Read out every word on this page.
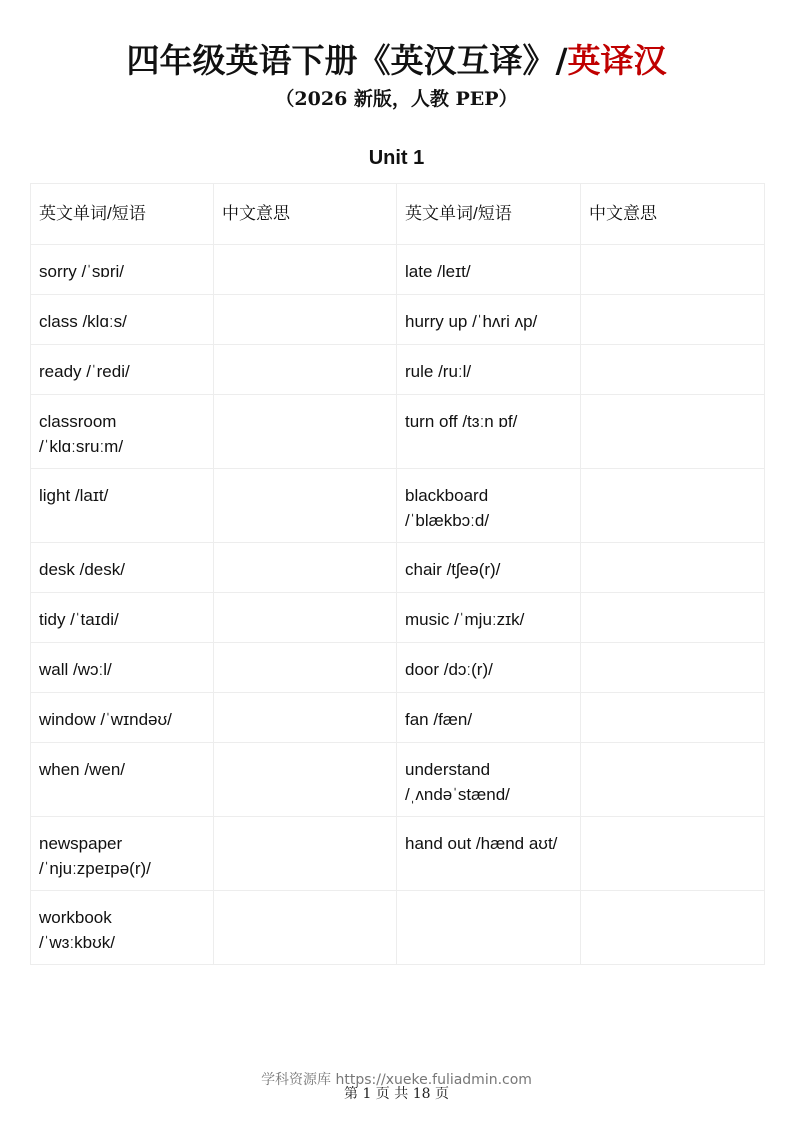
四年级英语下册《英汉互译》/英译汉
（2026 新版，人教 PEP）
Unit 1
英文单词/短语	中文意思	英文单词/短语	中文意思
sorry /ˈsɒri/		late /leɪt/	
class /klɑːs/		hurry up /ˈhʌri ʌp/	
ready /ˈredi/		rule /ruːl/	
classroom
/ˈklɑːsruːm/		turn off /tɜːn ɒf/	
light /laɪt/		blackboard
/ˈblækbɔːd/	
desk /desk/		chair /tʃeə(r)/	
tidy /ˈtaɪdi/		music /ˈmjuːzɪk/	
wall /wɔːl/		door /dɔː(r)/	
window /ˈwɪndəʊ/		fan /fæn/	
when /wen/		understand
/ˌʌndəˈstænd/	
newspaper
/ˈnjuːzpeɪpə(r)/		hand out /hænd aʊt/	
workbook
/ˈwɜːkbʊk/			
学科资源库 https://xueke.fuliadmin.com
第 1 页 共 18 页
